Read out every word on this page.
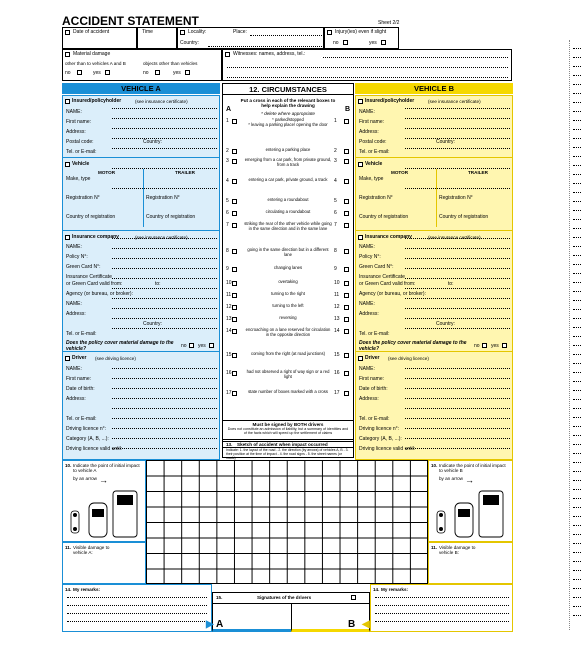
ACCIDENT STATEMENT	Sheet 2/2
Date of accident	Time	Locality:	Place:
Country:
Injury(ies) even if slight
no	yes
Material damage
other than to vehicles A and B	objects other than vehicles
no	yes	no	yes
Witnesses: names, address, tel.:
VEHICLE A	VEHICLE B
Insured/policyholder	(see insurance certificate)
NAME:
First name:
Address:
Postal code:	Country:
Tel. or E-mail:
Vehicle
MOTOR	TRAILER
Make, type
Registration N°	Registration N°
Country of registration	Country of registration
Insurance company	(see insurance certificate)
NAME:
Policy N°:
Green Card N°:
Insurance Certificate
or Green Card valid from:	to:
Agency (or bureau, or broker):
NAME:
Address:
Country:
Tel. or E-mail:
Does the policy cover material damage to the vehicle?	no yes
Driver (see driving licence)
NAME:
First name:
Date of birth:
Address:
Tel. or E-mail:
Driving licence n°:
Category (A, B, ...):
Driving licence valid until:
Insured/policyholder	(see insurance certificate)
NAME:
First name:
Address:
Postal code:	Country:
Tel. or E-mail:
Vehicle
MOTOR	TRAILER
Make, type
Registration N°	Registration N°
Country of registration	Country of registration
Insurance company	(see insurance certificate)
NAME:
Policy N°:
Green Card N°:
Insurance Certificate
or Green Card valid from:	to:
Agency (or bureau, or broker):
NAME:
Address:
Country:
Tel. or E-mail:
Does the policy cover material damage to the vehicle?	no yes
Driver (see driving licence)
NAME:
First name:
Date of birth:
Address:
Tel. or E-mail:
Driving licence n°:
Category (A, B, ...):
Driving licence valid until:
12. CIRCUMSTANCES
Put a cross in each of the relevant boxes to help explain the drawing
* delete where appropriate
A	B
1	1
* parked/stopped
* leaving a parking place/ opening the door
2	2
entering a parking place
3	3
emerging from a car park, from private ground, from a track
4	4
entering a car park, private ground, a track
5	5
entering a roundabout
6	6
circulating a roundabout
7	7
striking the rear of the other vehicle while going in the same direction and in the same lane
8	8
going in the same direction but in a different lane
9	9
changing lanes
10	10
overtaking
11	11
turning to the right
12	12
turning to the left
13	13
reversing
14	14
encroaching on a lane reserved for circulation in the opposite direction
15	15
coming from the right (at road junctions)
16	16
had not observed a right of way sign or a red light
17	17
state number of boxes marked with a cross
Must be signed by BOTH drivers
Does not constitute an admission of liability, but a summary of identities and of the facts which will speed up the settlement of claims
13. Sketch of accident when impact occurred
Indicate: 1. the layout of the road - 2. the direction (by arrows) of vehicles A, B - 3. their position at the time of impact - 4. the road signs - 5. the street names (or roads)
10. Indicate the point of initial impact to vehicle A
by an arrow →
11. Visible damage to vehicle A:
10. Indicate the point of initial impact to vehicle B
by an arrow →
11. Visible damage to vehicle B:
14. My remarks:
15.	Signatures of the drivers
▶ A	B ◀
14. My remarks:
